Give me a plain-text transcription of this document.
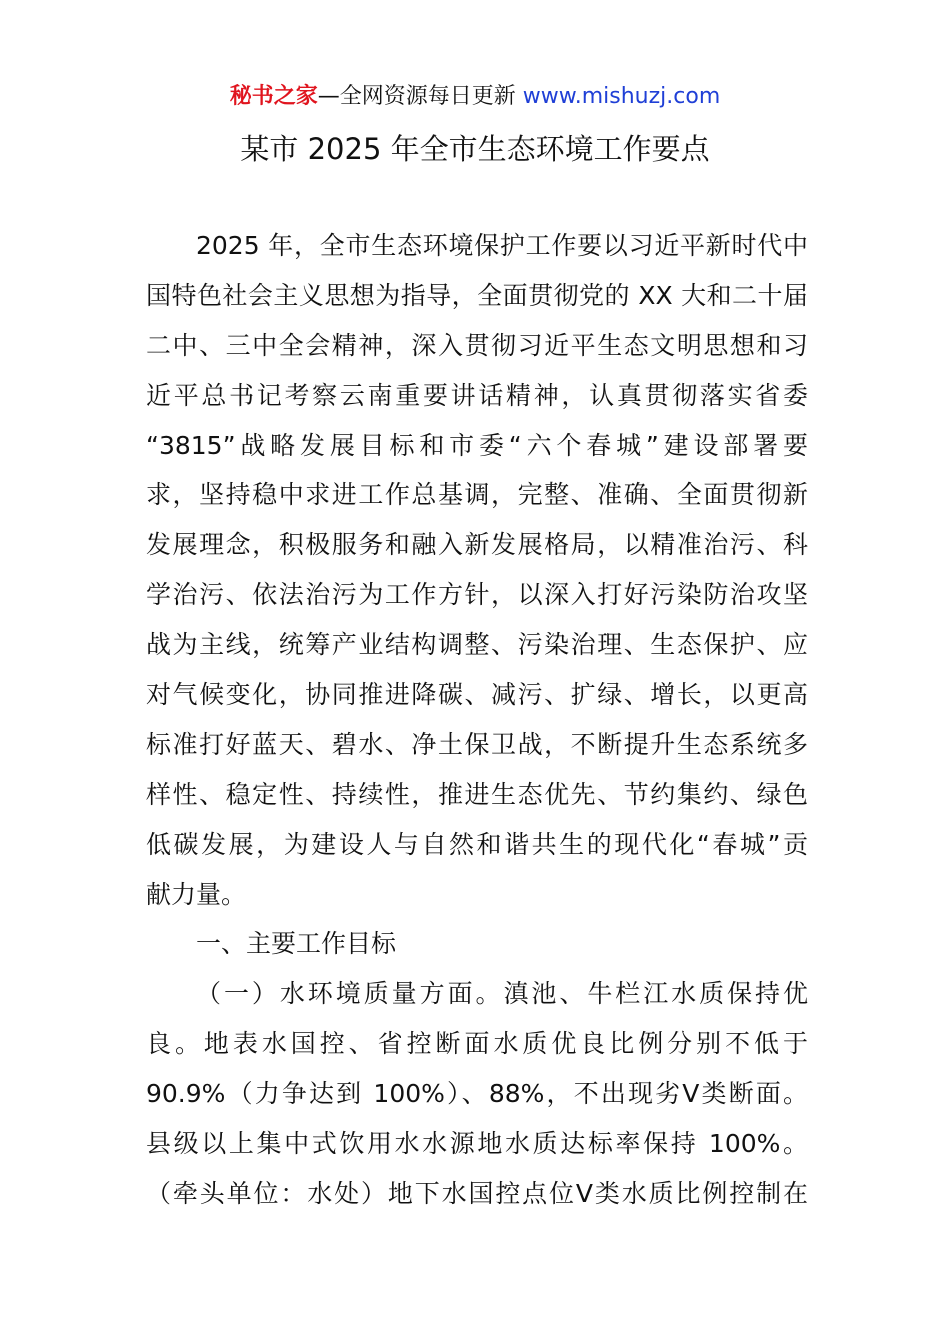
秘书之家—全网资源每日更新 www.mishuzj.com
某市 2025 年全市生态环境工作要点
2025 年，全市生态环境保护工作要以习近平新时代中
国特色社会主义思想为指导，全面贯彻党的 XX 大和二十届
二中、三中全会精神，深入贯彻习近平生态文明思想和习
近平总书记考察云南重要讲话精神，认真贯彻落实省委
“3815”战略发展目标和市委“六个春城”建设部署要
求，坚持稳中求进工作总基调，完整、准确、全面贯彻新
发展理念，积极服务和融入新发展格局，以精准治污、科
学治污、依法治污为工作方针，以深入打好污染防治攻坚
战为主线，统筹产业结构调整、污染治理、生态保护、应
对气候变化，协同推进降碳、减污、扩绿、增长，以更高
标准打好蓝天、碧水、净土保卫战，不断提升生态系统多
样性、稳定性、持续性，推进生态优先、节约集约、绿色
低碳发展，为建设人与自然和谐共生的现代化“春城”贡
献力量。
一、主要工作目标
（一）水环境质量方面。滇池、牛栏江水质保持优
良。地表水国控、省控断面水质优良比例分别不低于
90.9%（力争达到 100%）、88%，不出现劣Ⅴ类断面。
县级以上集中式饮用水水源地水质达标率保持 100%。
（牵头单位：水处）地下水国控点位Ⅴ类水质比例控制在
